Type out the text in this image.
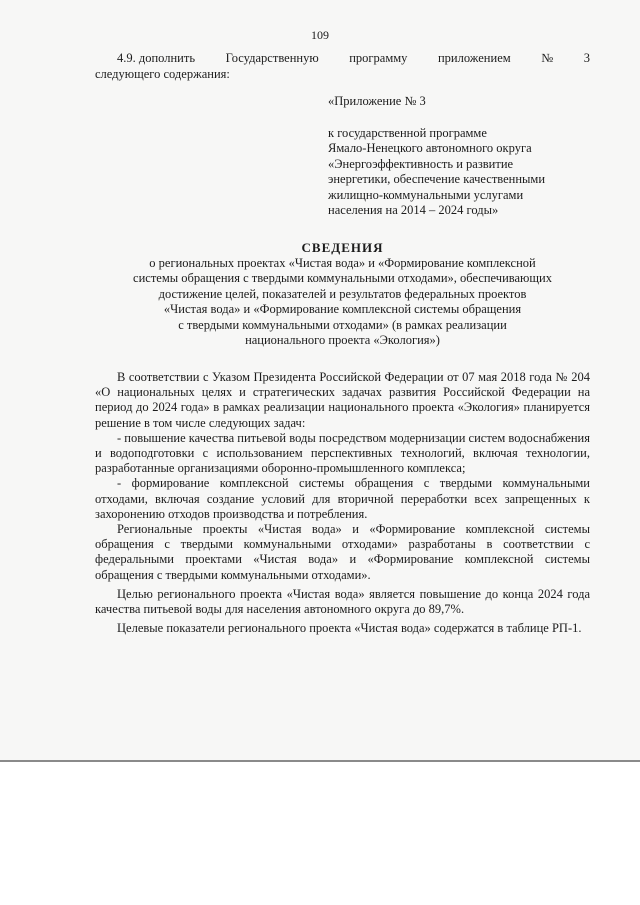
109
4.9. дополнить Государственную программу приложением № 3
следующего содержания:
«Приложение № 3
к государственной программе
Ямало-Ненецкого автономного округа
«Энергоэффективность и развитие
энергетики, обеспечение качественными
жилищно-коммунальными услугами
населения на 2014 – 2024 годы»
СВЕДЕНИЯ
о региональных проектах «Чистая вода» и «Формирование комплексной
системы обращения с твердыми коммунальными отходами», обеспечивающих
достижение целей, показателей и результатов федеральных проектов
«Чистая вода» и «Формирование комплексной системы обращения
с твердыми коммунальными отходами» (в рамках реализации
национального проекта «Экология»)

В соответствии с Указом Президента Российской Федерации от 07 мая 2018 года № 204 «О национальных целях и стратегических задачах развития Российской Федерации на период до 2024 года» в рамках реализации национального проекта «Экология» планируется решение в том числе следующих задач:

- повышение качества питьевой воды посредством модернизации систем водоснабжения и водоподготовки с использованием перспективных технологий, включая технологии, разработанные организациями оборонно-промышленного комплекса;

- формирование комплексной системы обращения с твердыми коммунальными отходами, включая создание условий для вторичной переработки всех запрещенных к захоронению отходов производства и потребления.

Региональные проекты «Чистая вода» и «Формирование комплексной системы обращения с твердыми коммунальными отходами» разработаны в соответствии с федеральными проектами «Чистая вода» и «Формирование комплексной системы обращения с твердыми коммунальными отходами».

Целью регионального проекта «Чистая вода» является повышение до конца 2024 года качества питьевой воды для населения автономного округа до 89,7%.

Целевые показатели регионального проекта «Чистая вода» содержатся в таблице РП-1.
